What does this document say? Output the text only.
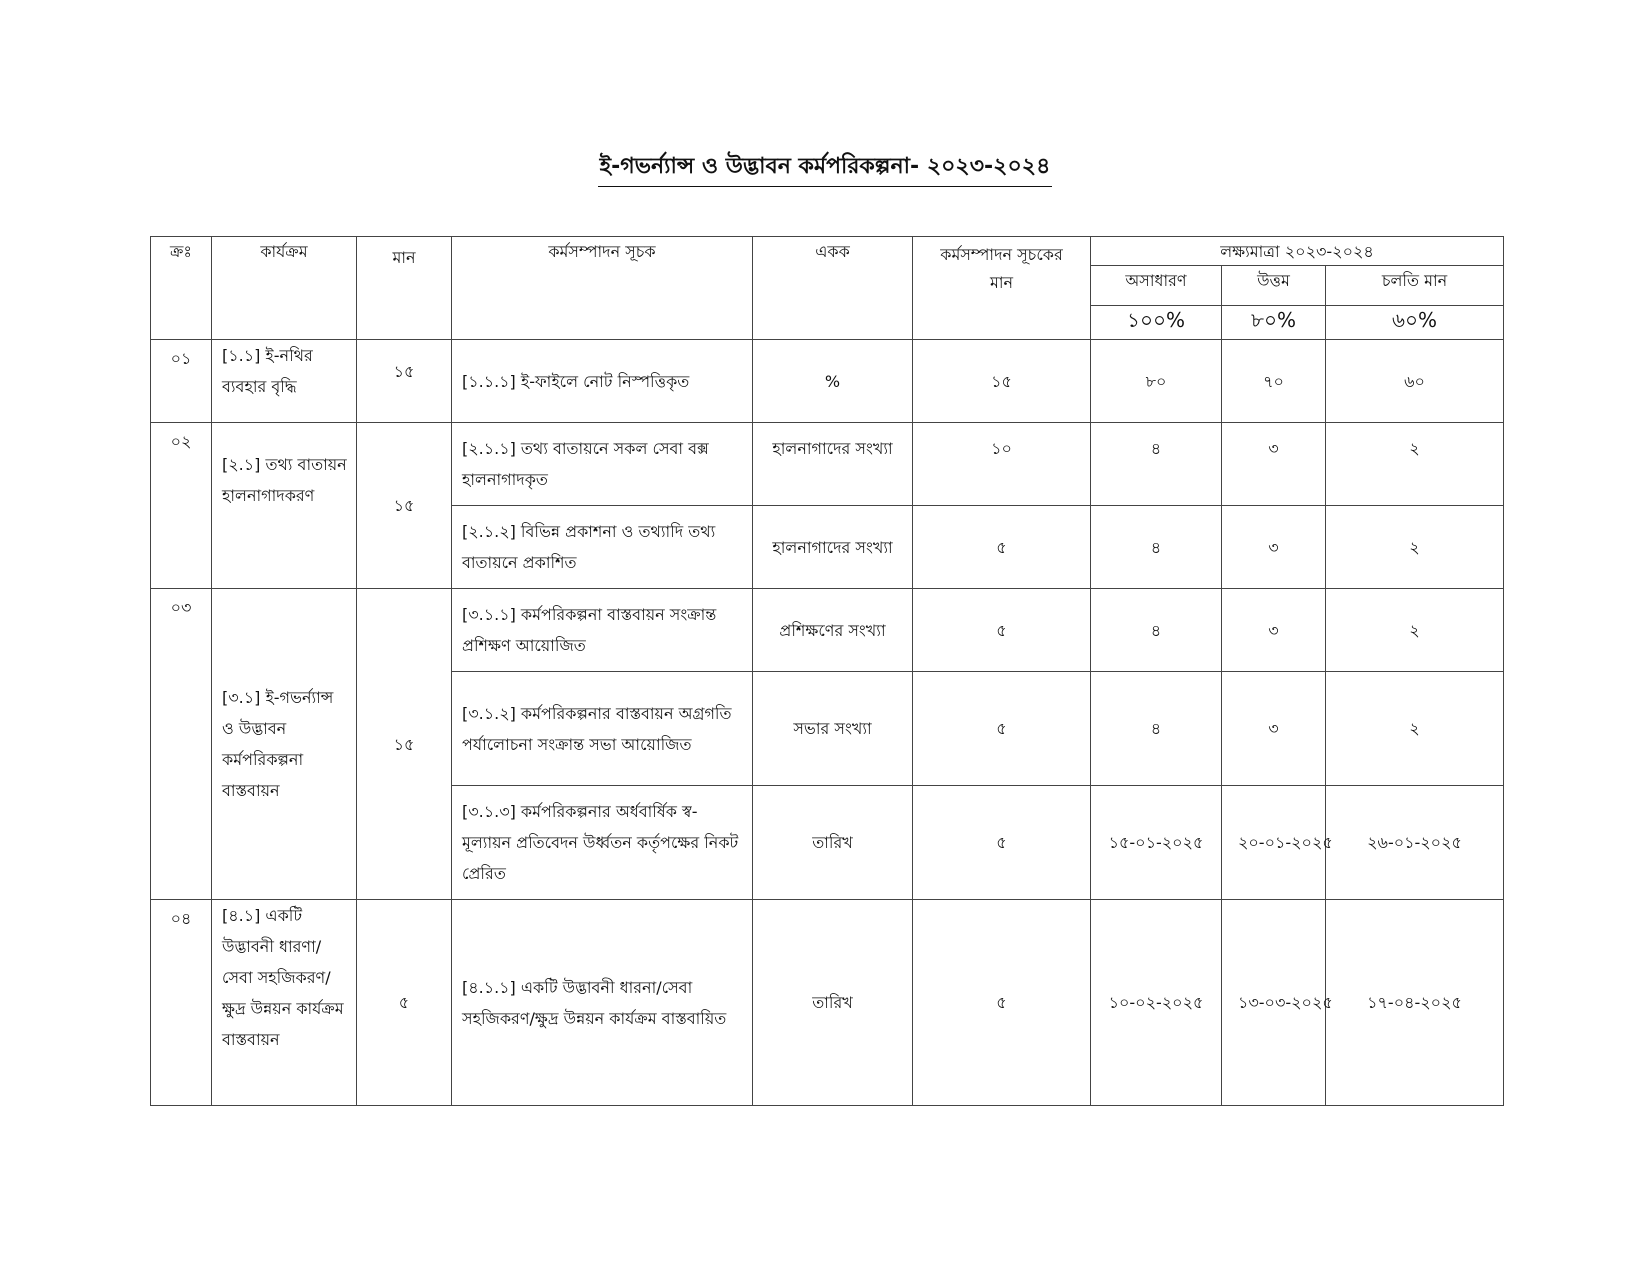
ই-গভর্ন্যান্স ও উদ্ভাবন কর্মপরিকল্পনা- ২০২৩-২০২৪
ক্রঃ	কার্যক্রম	মান	কর্মসম্পাদন সূচক	একক	কর্মসম্পাদন সূচকের মান	লক্ষ্যমাত্রা ২০২৩-২০২৪		
						অসাধারণ	উত্তম	চলতি মান
						১০০%	৮০%	৬০%
০১	[১.১] ই-নথির ব্যবহার বৃদ্ধি	১৫	[১.১.১] ই-ফাইলে নোট নিস্পত্তিকৃত	%	১৫	৮০	৭০	৬০
০২	[২.১] তথ্য বাতায়ন হালনাগাদকরণ	১৫	[২.১.১] তথ্য বাতায়নে সকল সেবা বক্স হালনাগাদকৃত	হালনাগাদের সংখ্যা	১০	৪	৩	২
			[২.১.২] বিভিন্ন প্রকাশনা ও তথ্যাদি তথ্য বাতায়নে প্রকাশিত	হালনাগাদের সংখ্যা	৫	৪	৩	২
০৩	[৩.১] ই-গভর্ন্যান্স ও উদ্ভাবন কর্মপরিকল্পনা বাস্তবায়ন	১৫	[৩.১.১] কর্মপরিকল্পনা বাস্তবায়ন সংক্রান্ত প্রশিক্ষণ আয়োজিত	প্রশিক্ষণের সংখ্যা	৫	৪	৩	২
			[৩.১.২] কর্মপরিকল্পনার বাস্তবায়ন অগ্রগতি পর্যালোচনা সংক্রান্ত সভা আয়োজিত	সভার সংখ্যা	৫	৪	৩	২
			[৩.১.৩] কর্মপরিকল্পনার অর্ধবার্ষিক স্ব-মূল্যায়ন প্রতিবেদন উর্ধ্বতন কর্তৃপক্ষের নিকট প্রেরিত	তারিখ	৫	১৫-০১-২০২৫	২০-০১-২০২৫	২৬-০১-২০২৫
০৪	[৪.১] একটি উদ্ভাবনী ধারণা/ সেবা সহজিকরণ/ ক্ষুদ্র উন্নয়ন কার্যক্রম বাস্তবায়ন	৫	[৪.১.১] একটি উদ্ভাবনী ধারনা/সেবা সহজিকরণ/ক্ষুদ্র উন্নয়ন কার্যক্রম বাস্তবায়িত	তারিখ	৫	১০-০২-২০২৫	১৩-০৩-২০২৫	১৭-০৪-২০২৫
